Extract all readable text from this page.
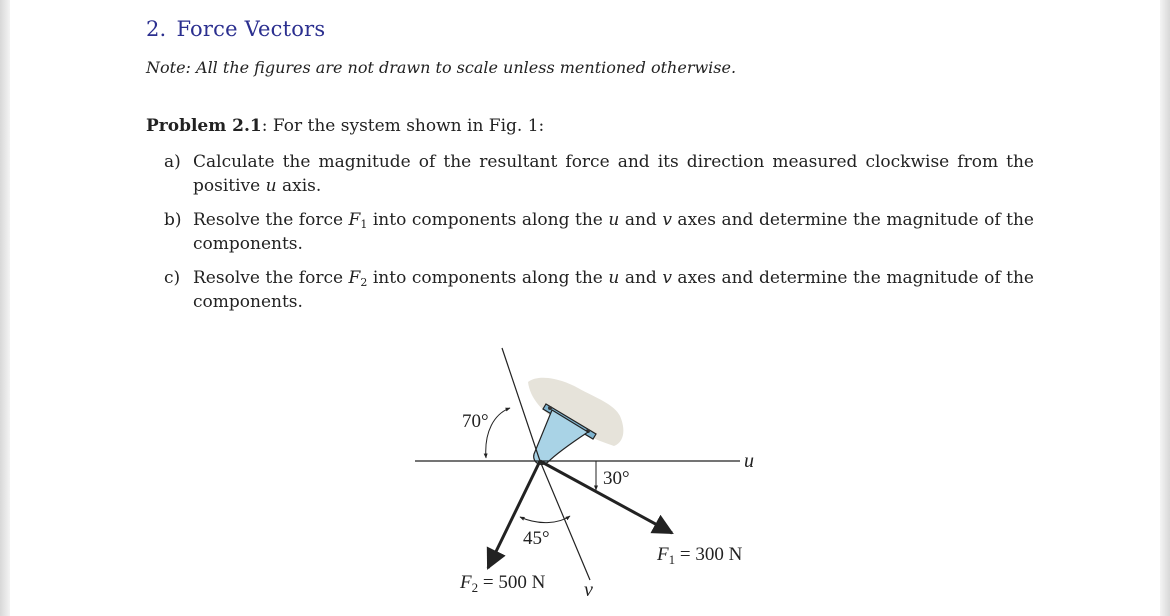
2. Force Vectors

Note: All the figures are not drawn to scale unless mentioned otherwise.

Problem 2.1: For the system shown in Fig. 1:

a) Calculate the magnitude of the resultant force and its direction measured clockwise from the positive u axis.
b) Resolve the force $F_1$ into components along the u and v axes and determine the magnitude of the components.
c) Resolve the force $F_2$ into components along the u and v axes and determine the magnitude of the components.
u
v
70°
30°
45°
$F_1 = 300$ N
$F_2 = 500$ N
